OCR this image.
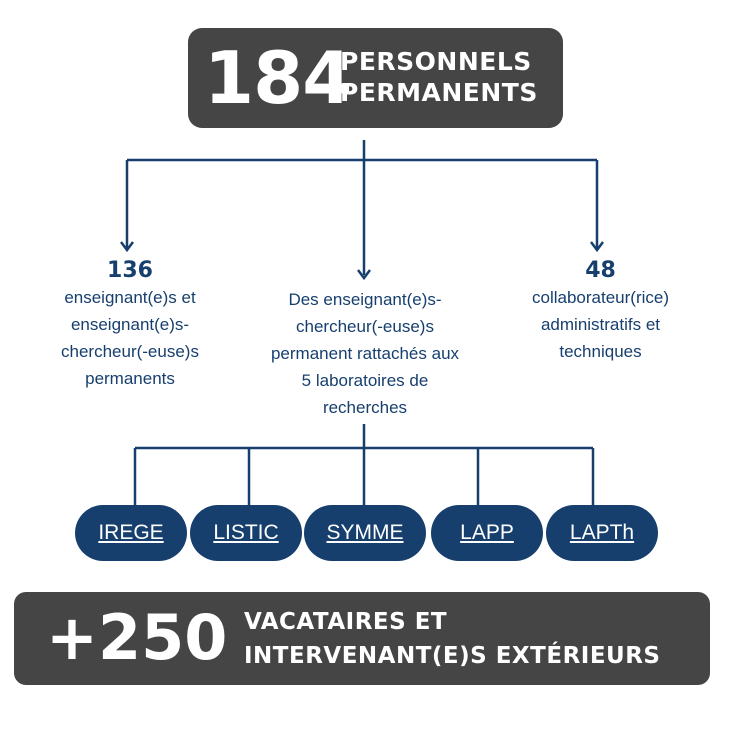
184
PERSONNELS
PERMANENTS
136
enseignant(e)s et
enseignant(e)s-
chercheur(-euse)s
permanents
Des enseignant(e)s-
chercheur(-euse)s
permanent rattachés aux
5 laboratoires de
recherches
48
collaborateur(rice)
administratifs et
techniques
IREGE	LISTIC	SYMME	LAPP	LAPTh
+250 VACATAIRES ET
INTERVENANT(E)S EXTÉRIEURS
